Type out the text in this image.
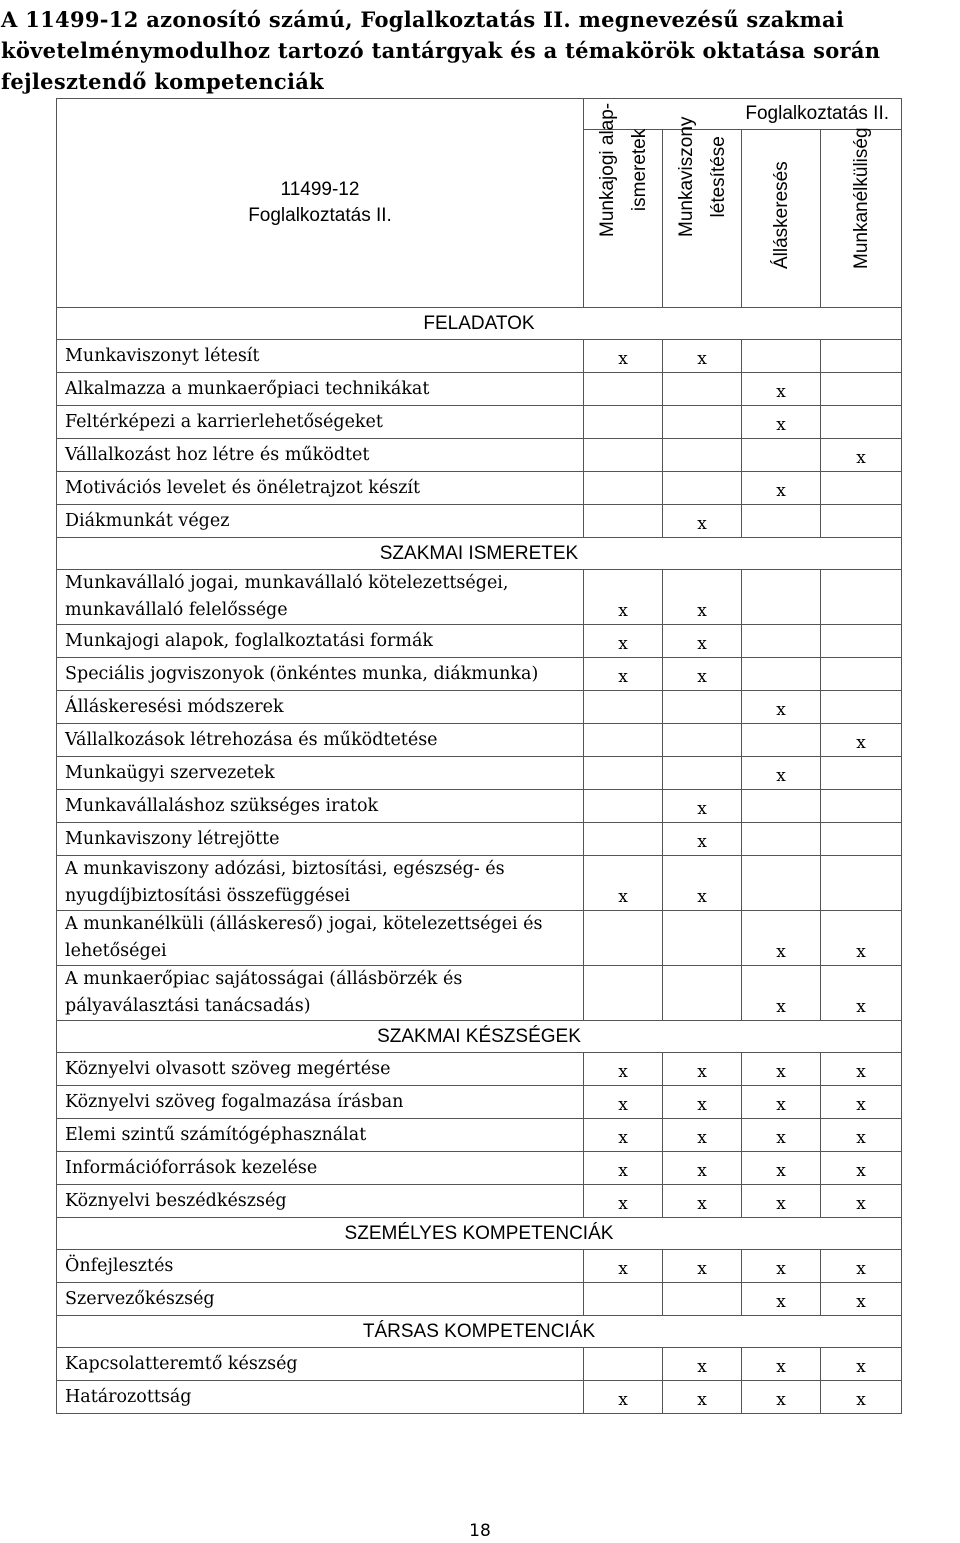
A 11499-12 azonosító számú, Foglalkoztatás II. megnevezésű szakmai követelménymodulhoz tartozó tantárgyak és a témakörök oktatása során fejlesztendő kompetenciák
11499-12
Foglalkoztatás II.	Foglalkoztatás II.			

	Munkajogi alap- ismeretek	Munkaviszony létesítése	Álláskeresés	Munkanélküliség

FELADATOK				
Munkaviszonyt létesít	x	x		
Alkalmazza a munkaerőpiaci technikákat			x	
Feltérképezi a karrierlehetőségeket			x	
Vállalkozást hoz létre és működtet				x
Motivációs levelet és önéletrajzot készít			x	
Diákmunkát végez		x		
SZAKMAI ISMERETEK				
Munkavállaló jogai, munkavállaló kötelezettségei, munkavállaló felelőssége	x	x		
Munkajogi alapok, foglalkoztatási formák	x	x		
Speciális jogviszonyok (önkéntes munka, diákmunka)	x	x		
Álláskeresési módszerek			x	
Vállalkozások létrehozása és működtetése				x
Munkaügyi szervezetek			x	
Munkavállaláshoz szükséges iratok		x		
Munkaviszony létrejötte		x		
A munkaviszony adózási, biztosítási, egészség- és nyugdíjbiztosítási összefüggései	x	x		
A munkanélküli (álláskereső) jogai, kötelezettségei és lehetőségei			x	x
A munkaerőpiac sajátosságai (állásbörzék és pályaválasztási tanácsadás)			x	x
SZAKMAI KÉSZSÉGEK				
Köznyelvi olvasott szöveg megértése	x	x	x	x
Köznyelvi szöveg fogalmazása írásban	x	x	x	x
Elemi szintű számítógéphasználat	x	x	x	x
Információforrások kezelése	x	x	x	x
Köznyelvi beszédkészség	x	x	x	x
SZEMÉLYES KOMPETENCIÁK				
Önfejlesztés	x	x	x	x
Szervezőkészség			x	x
TÁRSAS KOMPETENCIÁK				
Kapcsolatteremtő készség		x	x	x
Határozottság	x	x	x	x
18
